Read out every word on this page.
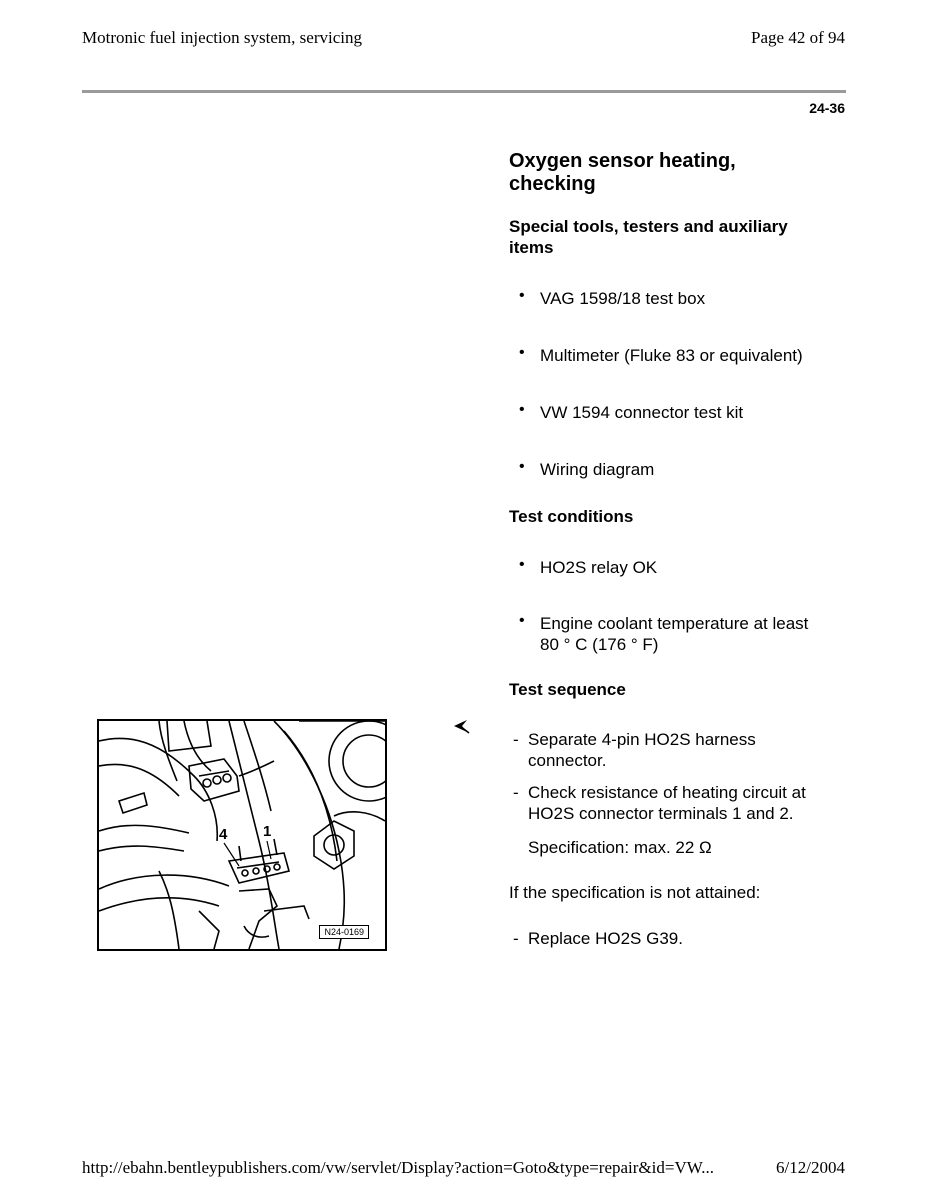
Motronic fuel injection system, servicing	Page 42 of 94
24-36
Oxygen sensor heating, checking
Special tools, testers and auxiliary items
• VAG 1598/18 test box
• Multimeter (Fluke 83 or equivalent)
• VW 1594 connector test kit
• Wiring diagram
Test conditions
• HO2S relay OK
• Engine coolant temperature at least 80 ° C (176 ° F)
Test sequence
- Separate 4-pin HO2S harness connector.
- Check resistance of heating circuit at HO2S connector terminals 1 and 2.
Specification: max. 22 Ω
If the specification is not attained:
- Replace HO2S G39.
4 1
N24-0169
http://ebahn.bentleypublishers.com/vw/servlet/Display?action=Goto&type=repair&id=VW...	6/12/2004
